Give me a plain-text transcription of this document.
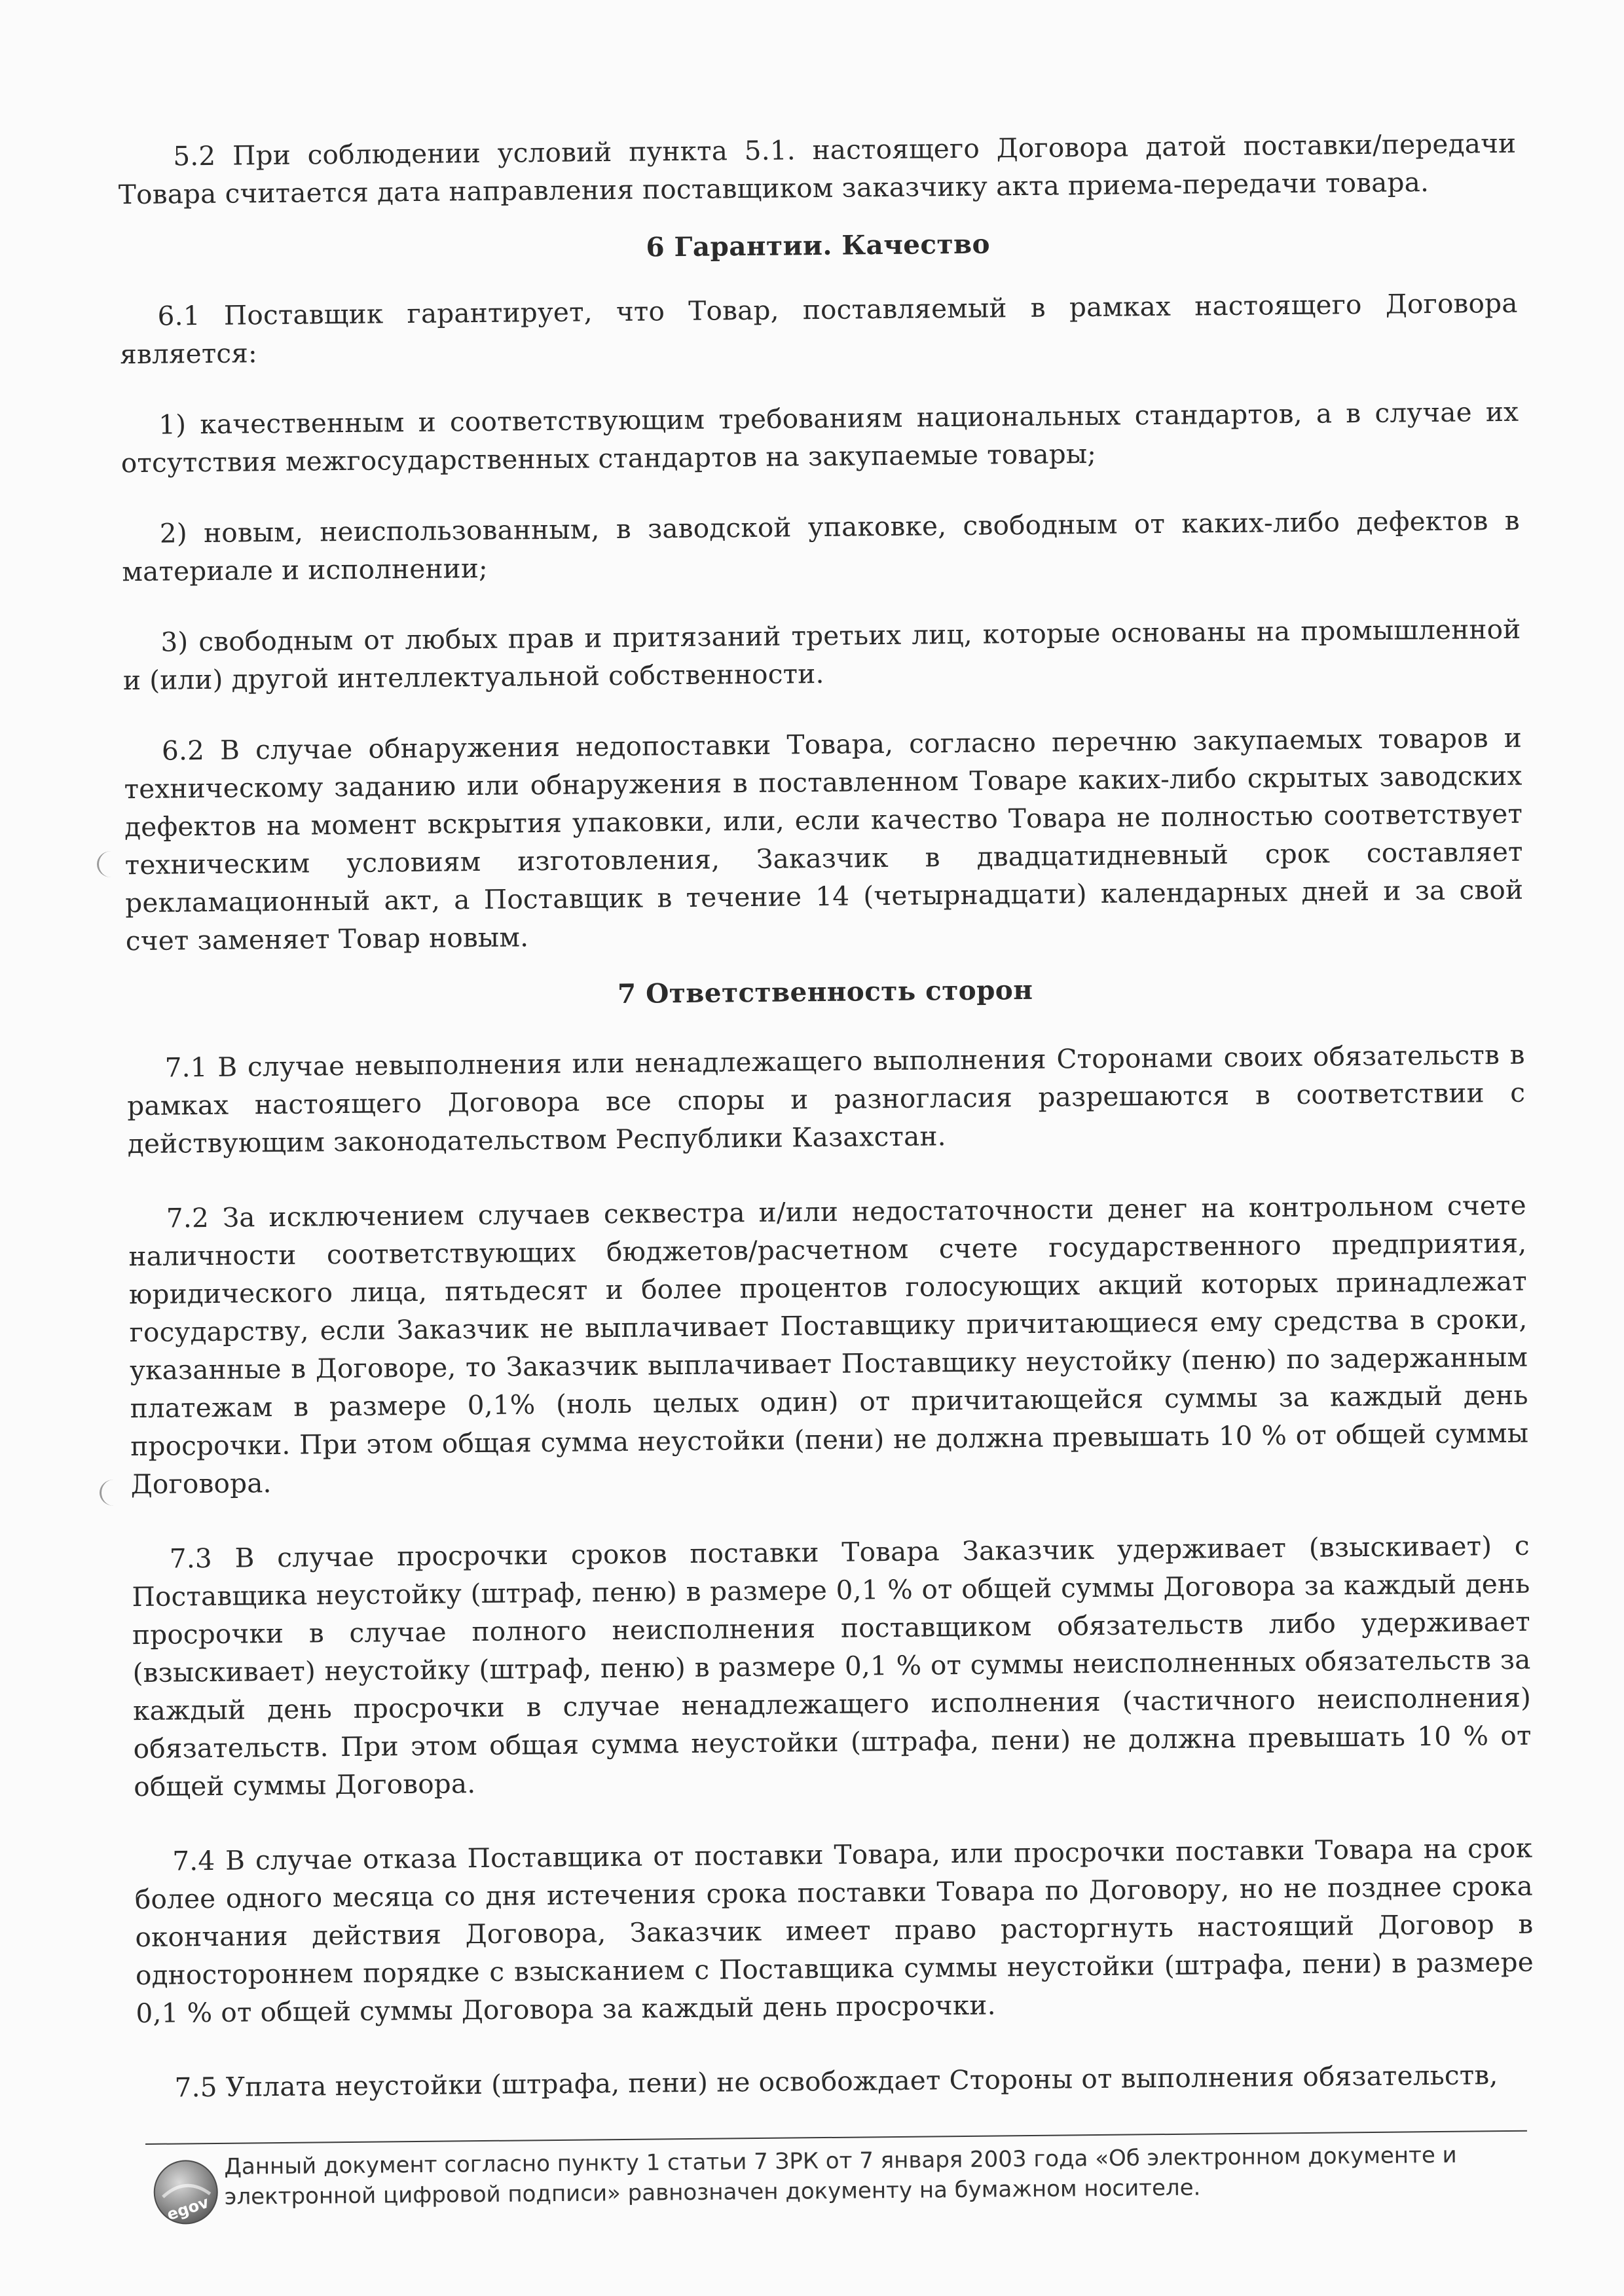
5.2 При соблюдении условий пункта 5.1. настоящего Договора датой поставки/передачи Товара считается дата направления поставщиком заказчику акта приема-передачи товара.

6 Гарантии. Качество

6.1 Поставщик гарантирует, что Товар, поставляемый в рамках настоящего Договора является:

1) качественным и соответствующим требованиям национальных стандартов, а в случае их отсутствия межгосударственных стандартов на закупаемые товары;

2) новым, неиспользованным, в заводской упаковке, свободным от каких-либо дефектов в материале и исполнении;

3) свободным от любых прав и притязаний третьих лиц, которые основаны на промышленной и (или) другой интеллектуальной собственности.

6.2 В случае обнаружения недопоставки Товара, согласно перечню закупаемых товаров и техническому заданию или обнаружения в поставленном Товаре каких-либо скрытых заводских дефектов на момент вскрытия упаковки, или, если качество Товара не полностью соответствует техническим условиям изготовления, Заказчик в двадцатидневный срок составляет рекламационный акт, а Поставщик в течение 14 (четырнадцати) календарных дней и за свой счет заменяет Товар новым.

7 Ответственность сторон

7.1 В случае невыполнения или ненадлежащего выполнения Сторонами своих обязательств в рамках настоящего Договора все споры и разногласия разрешаются в соответствии с действующим законодательством Республики Казахстан.

7.2 За исключением случаев секвестра и/или недостаточности денег на контрольном счете наличности соответствующих бюджетов/расчетном счете государственного предприятия, юридического лица, пятьдесят и более процентов голосующих акций которых принадлежат государству, если Заказчик не выплачивает Поставщику причитающиеся ему средства в сроки, указанные в Договоре, то Заказчик выплачивает Поставщику неустойку (пеню) по задержанным платежам в размере 0,1% (ноль целых один) от причитающейся суммы за каждый день просрочки. При этом общая сумма неустойки (пени) не должна превышать 10 % от общей суммы Договора.

7.3 В случае просрочки сроков поставки Товара Заказчик удерживает (взыскивает) с Поставщика неустойку (штраф, пеню) в размере 0,1 % от общей суммы Договора за каждый день просрочки в случае полного неисполнения поставщиком обязательств либо удерживает (взыскивает) неустойку (штраф, пеню) в размере 0,1 % от суммы неисполненных обязательств за каждый день просрочки в случае ненадлежащего исполнения (частичного неисполнения) обязательств. При этом общая сумма неустойки (штрафа, пени) не должна превышать 10 % от общей суммы Договора.

7.4 В случае отказа Поставщика от поставки Товара, или просрочки поставки Товара на срок более одного месяца со дня истечения срока поставки Товара по Договору, но не позднее срока окончания действия Договора, Заказчик имеет право расторгнуть настоящий Договор в одностороннем порядке с взысканием с Поставщика суммы неустойки (штрафа, пени) в размере 0,1 % от общей суммы Договора за каждый день просрочки.

7.5 Уплата неустойки (штрафа, пени) не освобождает Стороны от выполнения обязательств,

egov

Данный документ согласно пункту 1 статьи 7 ЗРК от 7 января 2003 года «Об электронном документе и электронной цифровой подписи» равнозначен документу на бумажном носителе.
